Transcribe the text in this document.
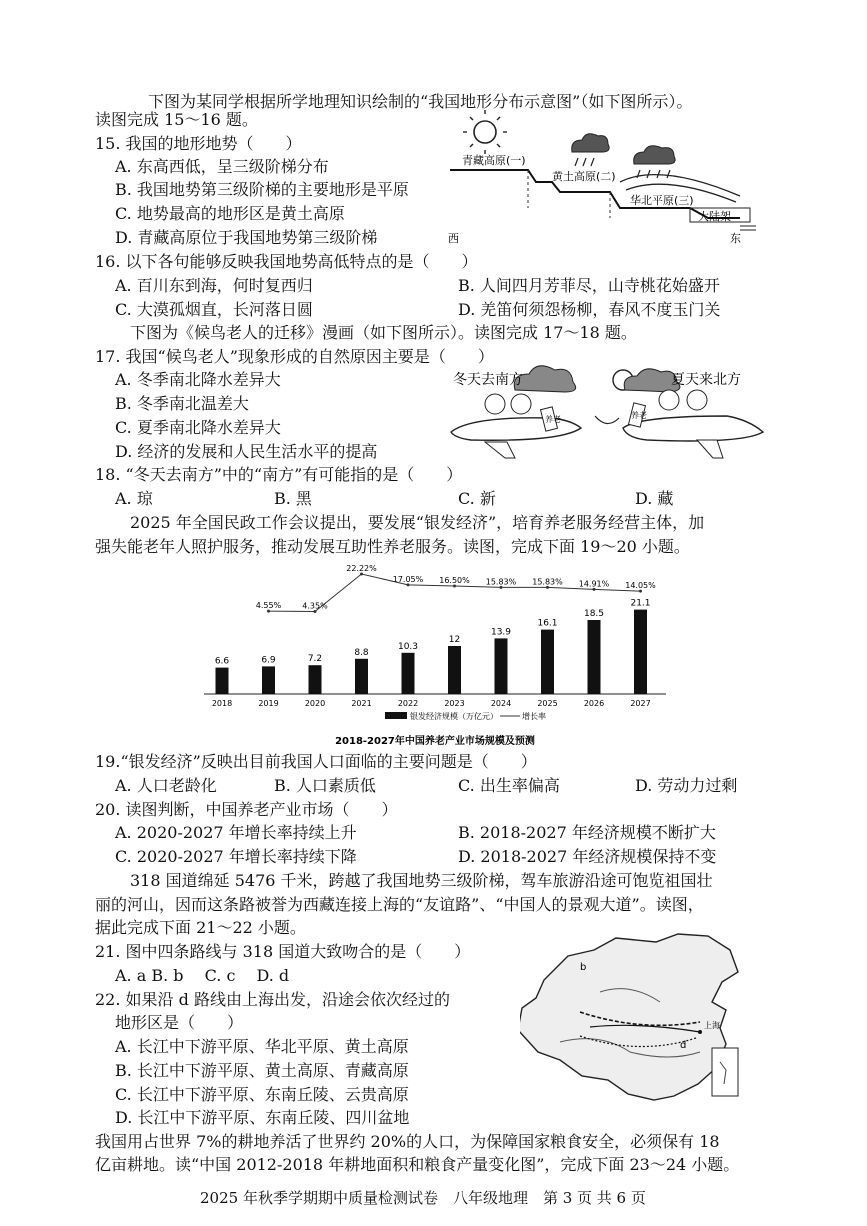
下图为某同学根据所学地理知识绘制的“我国地形分布示意图”（如下图所示）。
读图完成 15～16 题。
15. 我国的地形地势（　　）
A. 东高西低，呈三级阶梯分布
B. 我国地势第三级阶梯的主要地形是平原
C. 地势最高的地形区是黄土高原
D. 青藏高原位于我国地势第三级阶梯
青藏高原(一)
黄土高原(二)
华北平原(三)
大陆架
西	东
16. 以下各句能够反映我国地势高低特点的是（　　）
A. 百川东到海，何时复西归	B. 人间四月芳菲尽，山寺桃花始盛开
C. 大漠孤烟直，长河落日圆	D. 羌笛何须怨杨柳，春风不度玉门关
下图为《候鸟老人的迁移》漫画（如下图所示）。读图完成 17～18 题。
17. 我国“候鸟老人”现象形成的自然原因主要是（　　）
A. 冬季南北降水差异大
B. 冬季南北温差大
C. 夏季南北降水差异大
D. 经济的发展和人民生活水平的提高
冬天去南方	夏天来北方
养老	养老
18. “冬天去南方”中的“南方”有可能指的是（　　）
A. 琼	B. 黑	C. 新	D. 藏
2025 年全国民政工作会议提出，要发展“银发经济”，培育养老服务经营主体，加
强失能老年人照护服务，推动发展互助性养老服务。读图，完成下面 19～20 小题。
6.6	6.9	7.2
8.8
10.3
12
13.9
16.1
18.5
21.1
2018	2019	2020	2021	2022	2023	2024	2025	2026	2027
4.55%	4.35%
22.22%
17.05% 16.50% 15.83% 15.83% 14.91% 14.05%
银发经济规模（万亿元）	增长率
2018-2027年中国养老产业市场规模及预测
19.“银发经济”反映出目前我国人口面临的主要问题是（　　）
A. 人口老龄化	B. 人口素质低	C. 出生率偏高	D. 劳动力过剩
20. 读图判断，中国养老产业市场（　　）
A. 2020-2027 年增长率持续上升	B. 2018-2027 年经济规模不断扩大
C. 2020-2027 年增长率持续下降	D. 2018-2027 年经济规模保持不变
318 国道绵延 5476 千米，跨越了我国地势三级阶梯，驾车旅游沿途可饱览祖国壮
丽的河山，因而这条路被誉为西藏连接上海的“友谊路”、“中国人的景观大道”。读图，
据此完成下面 21～22 小题。
21. 图中四条路线与 318 国道大致吻合的是（　　）
A. a B. b　 C. c　 D. d
22. 如果沿 d 路线由上海出发，沿途会依次经过的
地形区是（　　）
A. 长江中下游平原、华北平原、黄土高原
B. 长江中下游平原、黄土高原、青藏高原
C. 长江中下游平原、东南丘陵、云贵高原
D. 长江中下游平原、东南丘陵、四川盆地
b
上海
d
我国用占世界 7%的耕地养活了世界约 20%的人口，为保障国家粮食安全，必须保有 18
亿亩耕地。读“中国 2012-2018 年耕地面积和粮食产量变化图”，完成下面 23～24 小题。
2025 年秋季学期期中质量检测试卷　八年级地理　第 3 页 共 6 页
